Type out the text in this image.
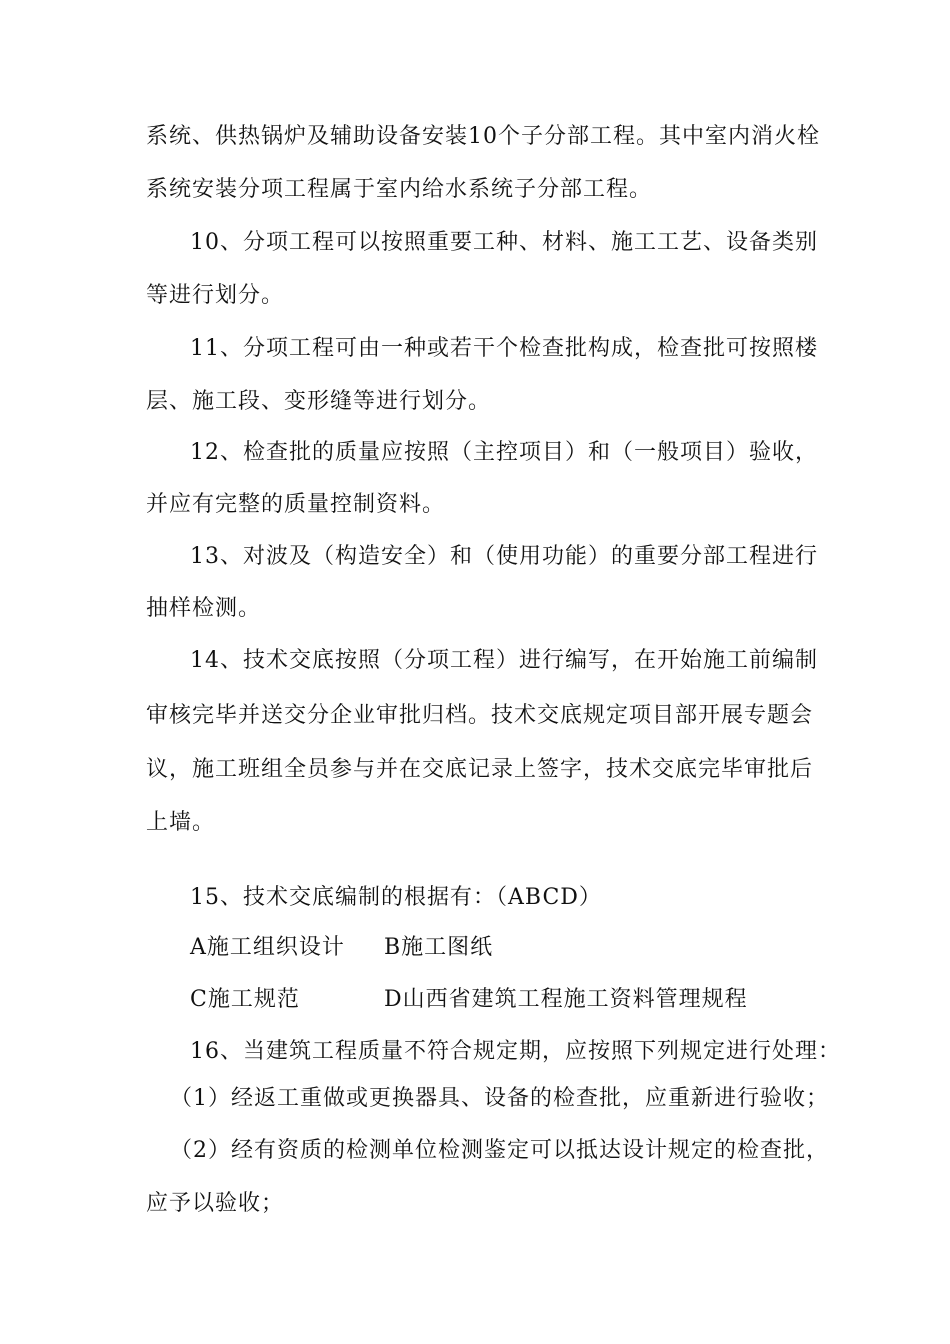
系统、供热锅炉及辅助设备安装10个子分部工程。其中室内消火栓
系统安装分项工程属于室内给水系统子分部工程。
10、分项工程可以按照重要工种、材料、施工工艺、设备类别
等进行划分。
11、分项工程可由一种或若干个检查批构成，检查批可按照楼
层、施工段、变形缝等进行划分。
12、检查批的质量应按照（主控项目）和（一般项目）验收，
并应有完整的质量控制资料。
13、对波及（构造安全）和（使用功能）的重要分部工程进行
抽样检测。
14、技术交底按照（分项工程）进行编写，在开始施工前编制
审核完毕并送交分企业审批归档。技术交底规定项目部开展专题会
议，施工班组全员参与并在交底记录上签字，技术交底完毕审批后
上墙。
15、技术交底编制的根据有：（ABCD）
A施工组织设计 B施工图纸
C施工规范	D山西省建筑工程施工资料管理规程
16、当建筑工程质量不符合规定期，应按照下列规定进行处理：
（1）经返工重做或更换器具、设备的检查批，应重新进行验收；
（2）经有资质的检测单位检测鉴定可以抵达设计规定的检查批，
应予以验收；
